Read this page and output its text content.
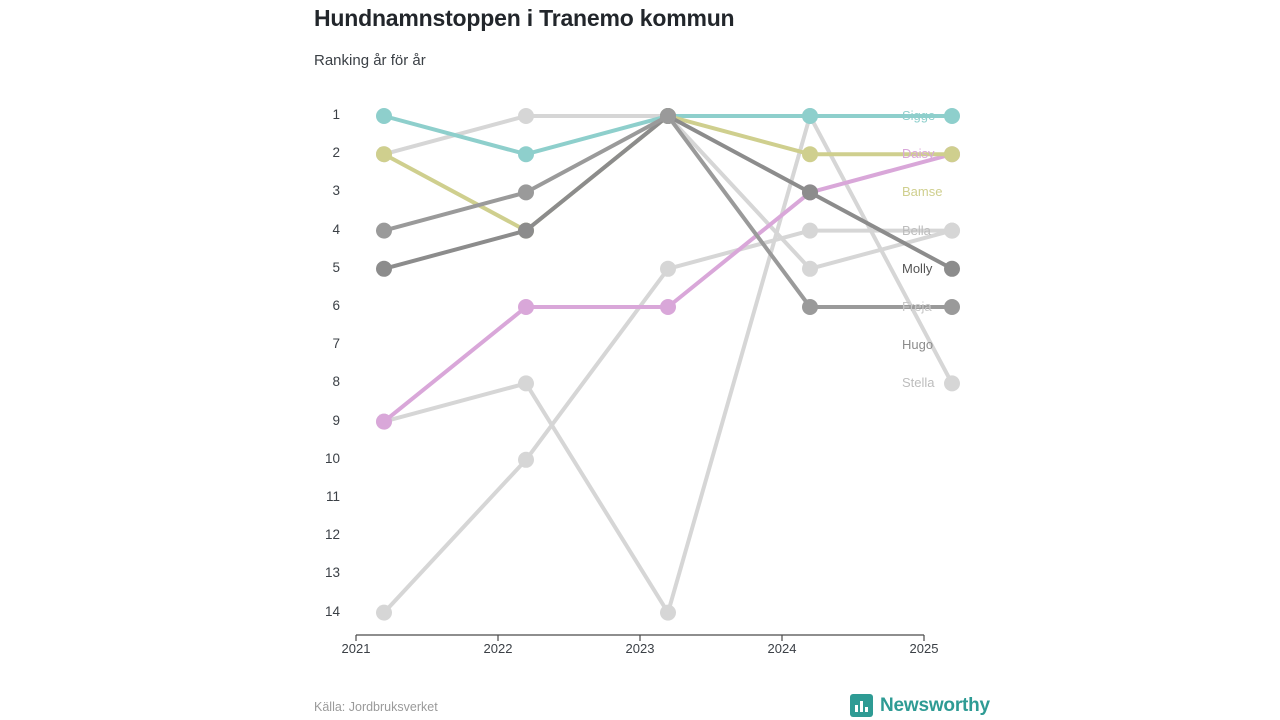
Hundnamnstoppen i Tranemo kommun
Ranking år för år
1
2
3
4
5
6
7
8
9
10
11
12
13
14
2021	2022	2023	2024	2025
Sigge
Daisy
Bamse
Bella
Molly
Freja
Hugo
Stella
Källa: Jordbruksverket	Newsworthy
